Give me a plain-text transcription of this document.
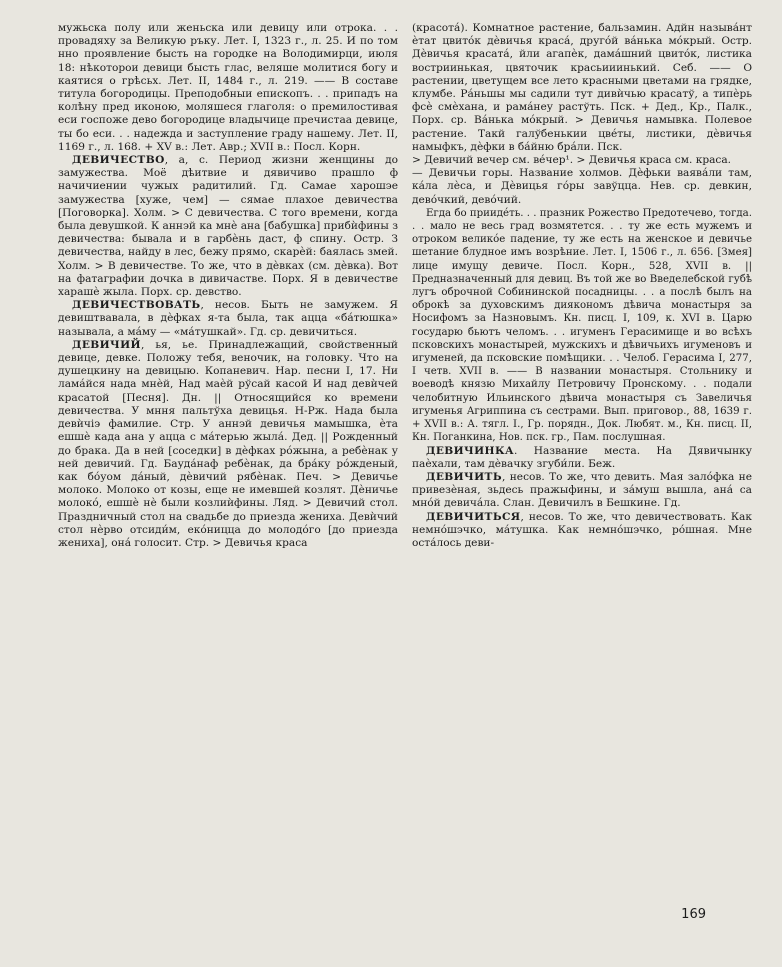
мужьска полу или женьска или девицу или отрока. . . провадяху за Великую ръку. Лет. I, 1323 г., л. 25. И по том нно проявление бысть на городке на Володимирци, июля 18: нѣкоторои девици бысть глас, веляше молитися богу и каятися о грѣсьх. Лет. II, 1484 г., л. 219. —— В составе титула богородицы. Преподобныи епископъ. . . припадъ на колѣну пред иконою, моляшеся глаголя: о премилостивая еси госпоже дево богородице владычице пречистаа девице, ты бо еси. . . надежда и заступление граду нашему. Лет. II, 1169 г., л. 168. + XV в.: Лет. Авр.; XVII в.: Посл. Корн.

ДЕВИЧЕСТВО, а, с. Период жизни женщины до замужества. Моё дѣитвие и дявичиво прашло ф начичиении чужых радитилий. Гд. Самае харошэе замужества [хуже, чем] — сямае плахое девичества [Поговорка]. Холм. > С девичества. С того времени, когда была девушкой. К аннэй ка мнѐ ана [бабушка] прибѝфины з девичества: бывала и в гарбѐнь даст, ф спину. Остр. З девичества, найду в лес, бежу прямо, скарѐй: баялась змей. Холм. > В девичестве. То же, что в дѐвках (см. дѐвка). Вот на фатаграфии дочка в дивичастве. Порх. Я в девичестве харашѐ жыла. Порх. ср. девство.

ДЕВИЧЕСТВОВАТЬ, несов. Быть не замужем. Я девиштвавала, в дѐфках я-та была, так ацца «бáтюшка» называла, а мáму — «мáтушкай». Гд. ср. девичиться.

ДЕВИЧИЙ, ья, ье. Принадлежащий, свойственный девице, девке. Положу тебя, веночик, на головку. Что на душецкину на девицыю. Копаневич. Нар. песни I, 17. Ни ламáйся нада мнѐй, Над маѐй рўсай касой И над девѝчей красатой [Песня]. Дн. || Относящийся ко времени девичества. У мння пальтўха девицья. Н-Рж. Нада была девѝчiэ фамилие. Стр. У аннэй девичья мамышка, ѐта ешшѐ када ана у ацца с мáтерью жылá. Дед. || Рожденный до брака. Да в ней [соседки] в дѐфках рóжына, а ребѐнак у ней девичий. Гд. Баудáнаф ребѐнак, да брáку рóжденый, как бóуом дáный, дѐвичий рябѐнак. Печ. > Девичье молоко. Молоко от козы, еще не имевшей козлят. Дѐничье молокó, ешшѐ нѐ были козлиѝфины. Ляд. > Девичий стол. Праздничный стол на свадьбе до приезда жениха. Девѝчий стол нѐрво отсиди́м, екóницца до молодóго [до приезда жениха], онá голосит. Стр. > Девичья краса

(красотá). Комнатное растение, бальзамин. Адйн называ́нт ѐтат цвитóк дѐвичья красá, другóй вáнька мóкрый. Остр. Дѐвичья красатá, йли агапѐк, дамáшний цвитóк, листика востриинькая, цвяточик красьииинький. Себ. —— О растении, цветущем все лето красными цветами на грядке, клумбе. Рáньшы мы садили тут дивѝчью красатў, а типѐрь фсѐ смѐхана, и рамáнеу растўть. Пск. + Дед., Кр., Палк., Порх. ср. Вáнька мóкрый. > Девичья намывка. Полевое растение. Такй галўбенькии цвéты, листики, дѐвичья намыфкъ, дѐфки в бáйню брáли. Пск.

> Девичий вечер см. вéчер¹. > Девичья краса см. краса.

— Девичьи горы. Название холмов. Дѐфьки ваявáли там, кáла лѐса, и Дѐвицья гóры завўцца. Нев. ср. девкин, девóчкий, девóчий.

Егда бо прииде́ть. . . празник Рожество Предотечево, тогда. . . мало не весь град возмятется. . . ту же есть мужемъ и отроком велико́е падение, ту же есть на женское и девичье шетание блудное имъ возрѣние. Лет. I, 1506 г., л. 656. [Змея] лице имущу девиче. Посл. Корн., 528, XVII в. || Предназначенный для девиц. Въ той же во Введелебской губѣ лугъ оброчной Собининской посадницы. . . а послѣ былъ на оброкѣ за духовскимъ диякономъ дѣвича монастыря за Носифомъ за Назновымъ. Кн. писц. I, 109, к. XVI в. Царю государю бьютъ челомъ. . . игуменъ Герасимище и во всѣхъ псковскихъ монастырей, мужскихъ и дѣвичьихъ игуменовъ и игуменей, да псковские помѣщики. . . Челоб. Герасима I, 277, I четв. XVII в. —— В названии монастыря. Стольнику и воеводѣ князю Михайлу Петровичу Пронскому. . . подали челобитную Ильинского дѣвича монастыря съ Завеличья игуменья Агриппина съ сестрами. Вып. приговор., 88, 1639 г. + XVII в.: А. тягл. I., Гр. порядн., Док. Любят. м., Кн. писц. II, Кн. Поганкина, Нов. пск. гр., Пам. послушная.

ДЕВИЧИНКА. Название места. На Дявичынку паѐхали, там дѐвачку згуби́ли. Беж.

ДЕВИЧИТЬ, несов. То же, что девить. Мая залóфка не привезѐная, зьдесь пражыфины, и зáмуш вышла, анá са мнóй девичáла. Слан. Девичилъ в Бешкине. Гд.

ДЕВИЧИТЬСЯ, несов. То же, что девичествовать. Как немнóшэчко, мáтушка. Как немнóшэчко, рóшная. Мне остáлось деви-

169
